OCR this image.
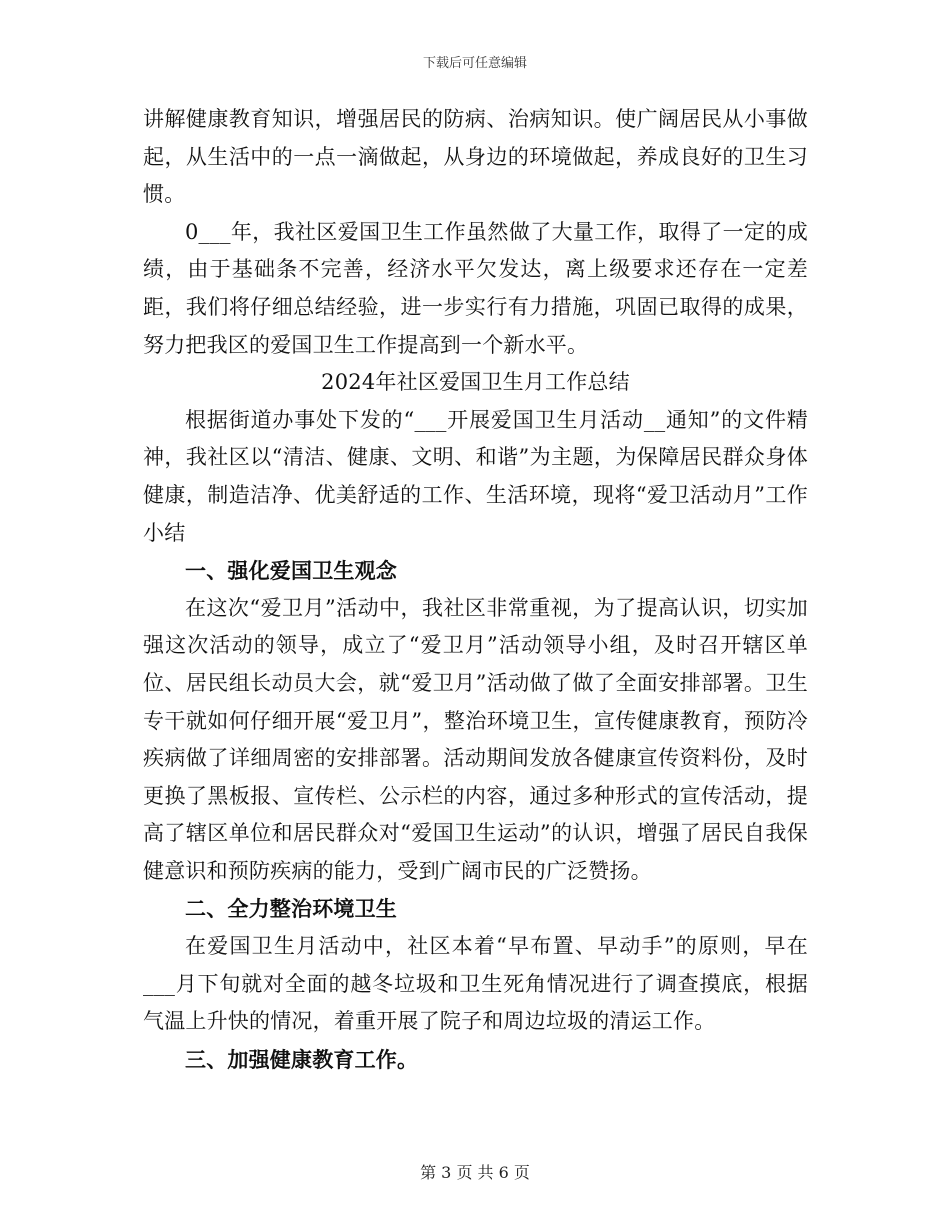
下载后可任意编辑

讲解健康教育知识，增强居民的防病、治病知识。使广阔居民从小事做起，从生活中的一点一滴做起，从身边的环境做起，养成良好的卫生习惯。

0___年，我社区爱国卫生工作虽然做了大量工作，取得了一定的成绩，由于基础条不完善，经济水平欠发达，离上级要求还存在一定差距，我们将仔细总结经验，进一步实行有力措施，巩固已取得的成果，努力把我区的爱国卫生工作提高到一个新水平。

2024年社区爱国卫生月工作总结

根据街道办事处下发的“___开展爱国卫生月活动__通知”的文件精神，我社区以“清洁、健康、文明、和谐”为主题，为保障居民群众身体健康，制造洁净、优美舒适的工作、生活环境，现将“爱卫活动月”工作小结

一、强化爱国卫生观念

在这次“爱卫月”活动中，我社区非常重视，为了提高认识，切实加强这次活动的领导，成立了“爱卫月”活动领导小组，及时召开辖区单位、居民组长动员大会，就“爱卫月”活动做了做了全面安排部署。卫生专干就如何仔细开展“爱卫月”，整治环境卫生，宣传健康教育，预防冷疾病做了详细周密的安排部署。活动期间发放各健康宣传资料份，及时更换了黑板报、宣传栏、公示栏的内容，通过多种形式的宣传活动，提高了辖区单位和居民群众对“爱国卫生运动”的认识，增强了居民自我保健意识和预防疾病的能力，受到广阔市民的广泛赞扬。

二、全力整治环境卫生

在爱国卫生月活动中，社区本着“早布置、早动手”的原则，早在___月下旬就对全面的越冬垃圾和卫生死角情况进行了调查摸底，根据气温上升快的情况，着重开展了院子和周边垃圾的清运工作。

三、加强健康教育工作。

第 3 页 共 6 页
